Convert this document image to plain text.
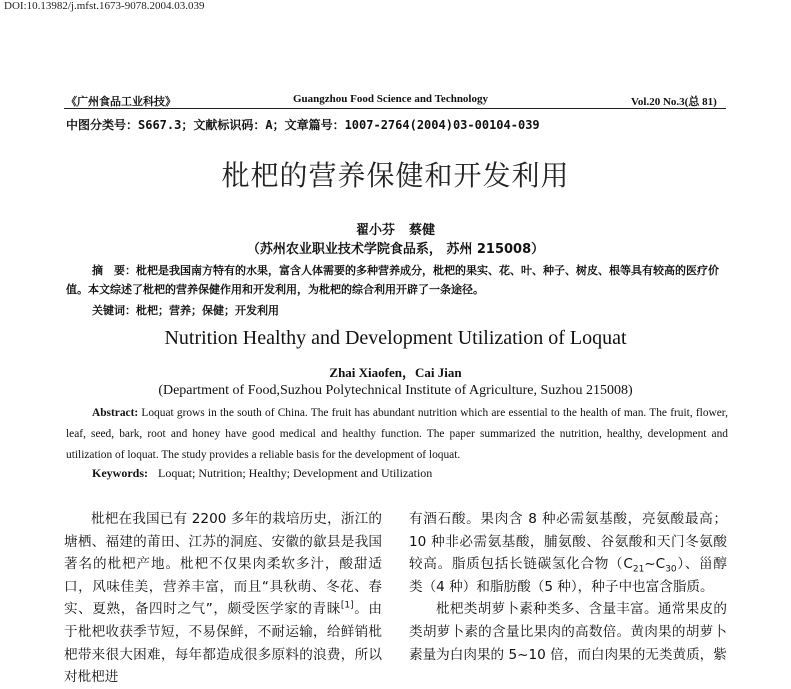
DOI:10.13982/j.mfst.1673-9078.2004.03.039
《广州食品工业科技》	Guangzhou Food Science and Technology	Vol.20 No.3(总 81)
中图分类号：S667.3；文献标识码：A；文章篇号：1007-2764(2004)03-00104-039
枇杷的营养保健和开发利用
翟小芬 蔡健
（苏州农业职业技术学院食品系， 苏州 215008）
摘　要：枇杷是我国南方特有的水果，富含人体需要的多种营养成分，枇杷的果实、花、叶、种子、树皮、根等具有较高的医疗价值。本文综述了枇杷的营养保健作用和开发利用，为枇杷的综合利用开辟了一条途径。
关键词：枇杷；营养；保健；开发利用
Nutrition Healthy and Development Utilization of Loquat
Zhai Xiaofen，Cai Jian
(Department of Food,Suzhou Polytechnical Institute of Agriculture, Suzhou 215008)
Abstract: Loquat grows in the south of China. The fruit has abundant nutrition which are essential to the health of man. The fruit, flower, leaf, seed, bark, root and honey have good medical and healthy function. The paper summarized the nutrition, healthy, development and utilization of loquat. The study provides a reliable basis for the development of loquat.
Keywords: Loquat; Nutrition; Healthy; Development and Utilization

枇杷在我国已有 2200 多年的栽培历史，浙江的塘栖、福建的莆田、江苏的洞庭、安徽的歙县是我国著名的枇杷产地。枇杷不仅果肉柔软多汁，酸甜适口，风味佳美，营养丰富，而且“具秋萌、冬花、春实、夏熟，备四时之气”，颇受医学家的青睐[1]。由于枇杷收获季节短，不易保鲜，不耐运输，给鲜销枇杷带来很大困难，每年都造成很多原料的浪费，所以对枇杷进

有酒石酸。果肉含 8 种必需氨基酸，亮氨酸最高；10 种非必需氨基酸，脯氨酸、谷氨酸和天门冬氨酸较高。脂质包括长链碳氢化合物$(C_{21}\sim C_{30})$、甾醇类（4 种）和脂肪酸（5 种），种子中也富含脂质。

枇杷类胡萝卜素种类多、含量丰富。通常果皮的类胡萝卜素的含量比果肉的高数倍。黄肉果的胡萝卜素量为白肉果的 5~10 倍，而白肉果的无类黄质，紫
